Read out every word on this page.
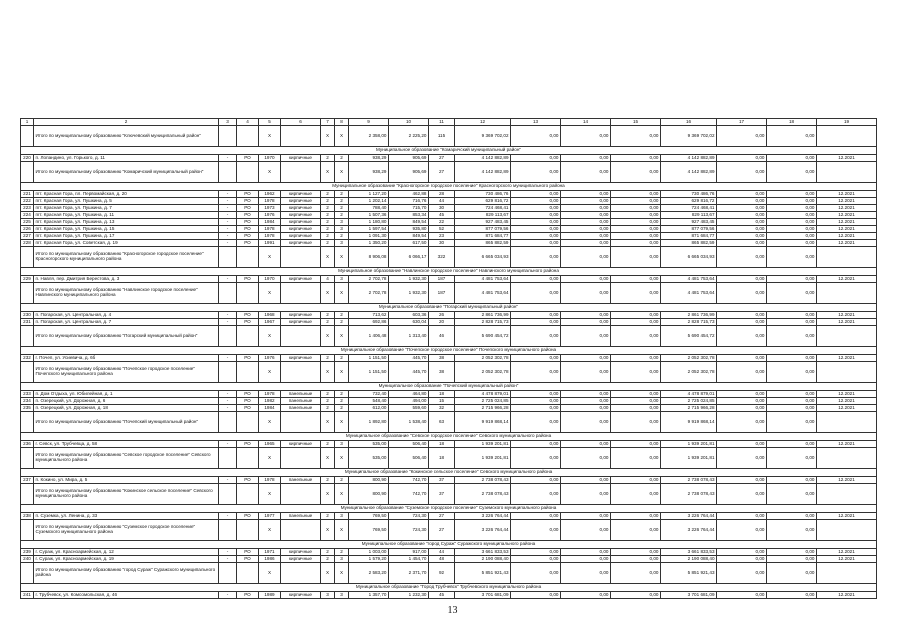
1	2	3	4	5	6	7	8	9	10	11	12	13	14	15	16	17	18	19
	Итого по муниципальному образованию "Ключевский муниципальный район"			X		X	X	2 358,00	2 225,20	115	9 369 702,02	0,00	0,00	0,00	9 369 702,02	0,00	0,00	
Муниципальное образование "Комаричский муниципальный район"																		
220	п. Лопандино, ул. Горького, д. 11	-	РО	1970	кирпичные	2	2	938,29	905,69	27	4 142 882,89	0,00	0,00	0,00	4 142 882,89	0,00	0,00	12.2021
	Итого по муниципальному образованию "Комаричский муниципальный район"			X		X	X	938,29	905,69	27	4 142 882,89	0,00	0,00	0,00	4 142 882,89	0,00	0,00	
Муниципальное образование "Красногорское городское поселение" Красногорского муниципального района																		
221	пгт. Красная Гора, пл. Первомайская, д. 20	-	РО	1962	кирпичные	2	2	1 127,20	462,88	28	730 486,76	0,00	0,00	0,00	730 486,76	0,00	0,00	12.2021
222	пгт. Красная Гора, ул. Пушкина, д. 5	-	РО	1978	кирпичные	2	2	1 202,14	716,76	44	629 816,72	0,00	0,00	0,00	629 816,72	0,00	0,00	12.2021
223	пгт. Красная Гора, ул. Пушкина, д. 7	-	РО	1973	кирпичные	2	2	788,40	715,70	30	724 468,41	0,00	0,00	0,00	724 468,41	0,00	0,00	12.2021
224	пгт. Красная Гора, ул. Пушкина, д. 11	-	РО	1976	кирпичные	2	2	1 507,36	853,34	45	829 113,67	0,00	0,00	0,00	829 113,67	0,00	0,00	12.2021
225	пгт. Красная Гора, ул. Пушкина, д. 13	-	РО	1984	кирпичные	2	3	1 180,80	849,54	22	927 483,45	0,00	0,00	0,00	927 483,45	0,00	0,00	12.2021
226	пгт. Красная Гора, ул. Пушкина, д. 15	-	РО	1978	кирпичные	2	3	1 597,54	935,80	52	877 079,56	0,00	0,00	0,00	877 079,56	0,00	0,00	12.2021
227	пгт. Красная Гора, ул. Пушкина, д. 17	-	РО	1978	кирпичные	2	2	1 091,30	849,54	23	871 684,77	0,00	0,00	0,00	871 684,77	0,00	0,00	12.2021
228	пгт. Красная Гора, ул. Советская, д. 19	-	РО	1991	кирпичные	2	3	1 350,20	617,50	30	865 882,59	0,00	0,00	0,00	865 882,59	0,00	0,00	12.2021
	Итого по муниципальному образованию "Красногорское городское поселение" Красногорского муниципального района			X		X	X	8 906,08	6 066,17	322	6 665 034,93	0,00	0,00	0,00	6 665 034,93	0,00	0,00	
Муниципальное образование "Навлинское городское поселение" Навлинского муниципального района																		
229	п. Навля, пер. Дмитрия Берестова, д. 3	-	РО	1970	кирпичные	4	3	2 702,78	1 932,30	187	4 481 753,64	0,00	0,00	0,00	4 481 753,64	0,00	0,00	12.2021
	Итого по муниципальному образованию "Навлинское городское поселение" Навлинского муниципального района			X		X	X	2 702,78	1 932,30	187	4 481 753,64	0,00	0,00	0,00	4 481 753,64	0,00	0,00	
Муниципальное образование "Погарский муниципальный район"																		
230	п. Погарская, ул. Центральная, д. 4	-	РО	1968	кирпичные	2	2	713,62	603,36	26	2 861 736,99	0,00	0,00	0,00	2 861 736,99	0,00	0,00	12.2021
231	п. Погарская, ул. Центральная, д. 7	-	РО	1967	кирпичные	2	2	692,86	630,04	20	2 828 715,73	0,00	0,00	0,00	2 828 715,73	0,00	0,00	12.2021
	Итого по муниципальному образованию "Погарский муниципальный район"			X		X	X	1 406,48	1 313,40	46	5 690 454,72	0,00	0,00	0,00	5 690 454,72	0,00	0,00	
Муниципальное образование "Почепское городское поселение" Почепского муниципального района																		
232	г. Почеп, ул. Усиевича, д. 6б	-	РО	1976	кирпичные	2	2	1 151,50	445,70	38	2 052 302,78	0,00	0,00	0,00	2 052 302,78	0,00	0,00	12.2021
	Итого по муниципальному образованию "Почепское городское поселение" Почепского муниципального района			X		X	X	1 151,50	445,70	38	2 052 302,78	0,00	0,00	0,00	2 052 302,78	0,00	0,00	
Муниципальное образование "Почепский муниципальный район"																		
233	п. Дом Отдыха, ул. Юбилейная, д. 1	-	РО	1978	панельные	2	2	732,40	464,80	18	4 478 879,01	0,00	0,00	0,00	4 478 879,01	0,00	0,00	12.2021
234	п. Озерецкий, ул. Дорожная, д. 6	-	РО	1982	панельные	2	2	548,40	494,00	15	2 725 024,85	0,00	0,00	0,00	2 725 024,85	0,00	0,00	12.2021
235	п. Озерецкий, ул. Дорожная, д. 18	-	РО	1984	панельные	2	2	612,00	559,60	32	2 715 966,28	0,00	0,00	0,00	2 715 966,28	0,00	0,00	12.2021
	Итого по муниципальному образованию "Почепский муниципальный район"			X		X	X	1 892,80	1 538,40	63	9 919 868,14	0,00	0,00	0,00	9 919 868,14	0,00	0,00	
Муниципальное образование "Севское городское поселение" Севского муниципального района																		
236	г. Севск, ул. Трубчевца, д. 58	-	РО	1965	кирпичные	2	3	535,00	506,40	18	1 939 201,81	0,00	0,00	0,00	1 939 201,81	0,00	0,00	12.2021
	Итого по муниципальному образованию "Севское городское поселение" Севского муниципального района			X		X	X	535,00	506,40	18	1 939 201,81	0,00	0,00	0,00	1 939 201,81	0,00	0,00	
Муниципальное образование "Кокинское сельское поселение" Севского муниципального района																		
237	п. Кокино, ул. Мира, д. 5	-	РО	1978	панельные	2	2	800,90	742,70	37	2 738 078,43	0,00	0,00	0,00	2 738 078,43	0,00	0,00	12.2021
	Итого по муниципальному образованию "Кокинское сельское поселение" Севского муниципального района			X		X	X	800,90	742,70	37	2 738 078,43	0,00	0,00	0,00	2 738 078,43	0,00	0,00	
Муниципальное образование "Суземское городское поселение" Суземского муниципального района																		
238	п. Суземка, ул. Ленина, д. 33	-	РО	1977	панельные	2	3	769,50	724,30	27	3 226 764,44	0,00	0,00	0,00	3 226 764,44	0,00	0,00	12.2021
	Итого по муниципальному образованию "Суземское городское поселение" Суземского муниципального района			X		X	X	769,50	724,30	27	3 226 764,44	0,00	0,00	0,00	3 226 764,44	0,00	0,00	
Муниципальное образование "город Сураж" Суражского муниципального района																		
239	г. Сураж, ул. Красноармейская, д. 12	-	РО	1971	кирпичные	2	2	1 003,00	917,00	44	3 661 833,53	0,00	0,00	0,00	3 661 833,53	0,00	0,00	12.2021
240	г. Сураж, ул. Красноармейская, д. 19	-	РО	1986	кирпичные	2	3	1 579,20	1 454,70	48	2 190 088,40	0,00	0,00	0,00	2 190 088,40	0,00	0,00	12.2021
	Итого по муниципальному образованию "город Сураж" Суражского муниципального района			X		X	X	2 583,20	2 371,70	92	5 851 921,43	0,00	0,00	0,00	5 851 921,43	0,00	0,00	
Муниципальное образование "Город Трубчевск" Трубчевского муниципального района																		
241	г. Трубчевск, ул. Комсомольская, д. 46	-	РО	1989	кирпичные	3	3	1 357,70	1 232,30	45	3 701 681,09	0,00	0,00	0,00	3 701 681,09	0,00	0,00	12.2021
13
